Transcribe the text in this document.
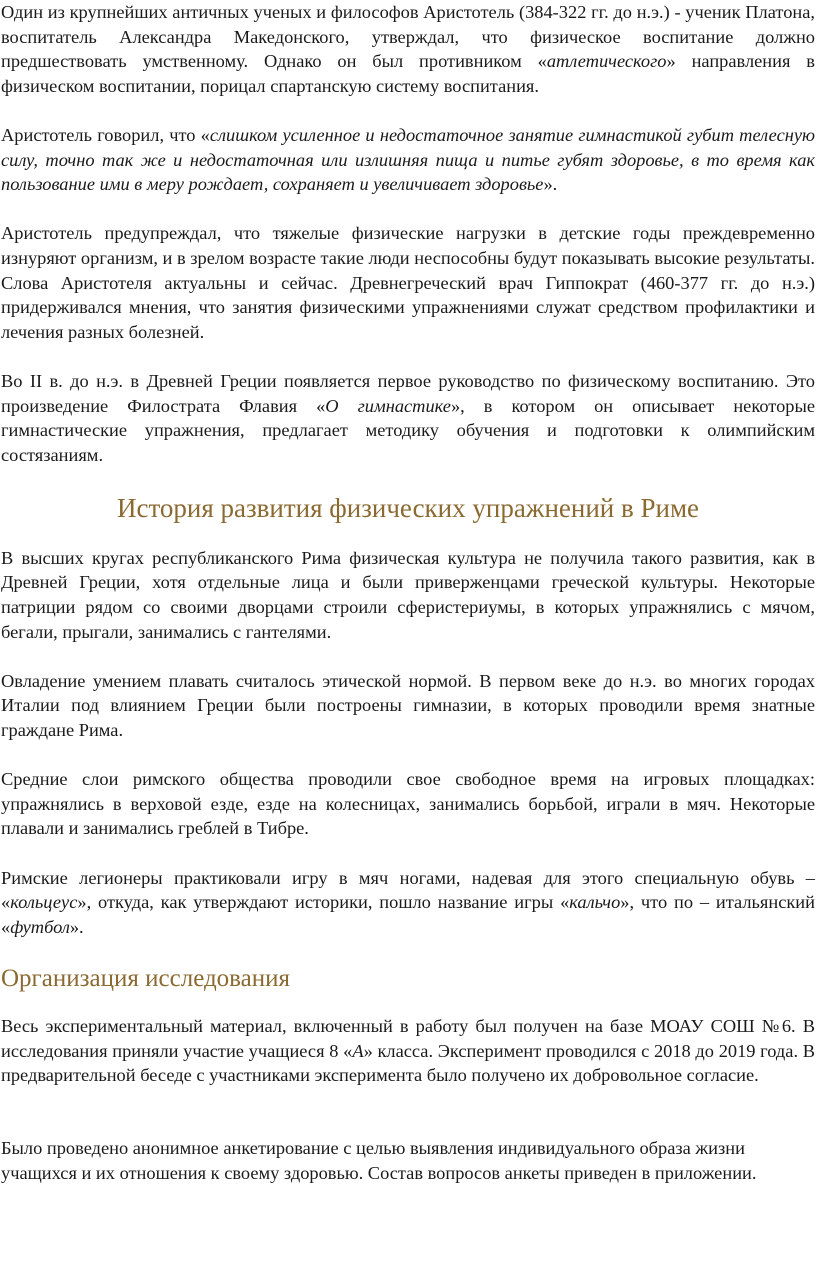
Один из крупнейших античных ученых и философов Аристотель (384-322 гг. до н.э.) - ученик Платона, воспитатель Александра Македонского, утверждал, что физическое воспитание должно предшествовать умственному. Однако он был противником «атлетического» направления в физическом воспитании, порицал спартанскую систему воспитания.

Аристотель говорил, что «слишком усиленное и недостаточное занятие гимнастикой губит телесную силу, точно так же и недостаточная или излишняя пища и питье губят здоровье, в то время как пользование ими в меру рождает, сохраняет и увеличивает здоровье».

Аристотель предупреждал, что тяжелые физические нагрузки в детские годы преждевременно изнуряют организм, и в зрелом возрасте такие люди неспособны будут показывать высокие результаты. Слова Аристотеля актуальны и сейчас. Древнегреческий врач Гиппократ (460-377 гг. до н.э.) придерживался мнения, что занятия физическими упражнениями служат средством профилактики и лечения разных болезней.

Во II в. до н.э. в Древней Греции появляется первое руководство по физическому воспитанию. Это произведение Филострата Флавия «О гимнастике», в котором он описывает некоторые гимнастические упражнения, предлагает методику обучения и подготовки к олимпийским состязаниям.

История развития физических упражнений в Риме

В высших кругах республиканского Рима физическая культура не получила такого развития, как в Древней Греции, хотя отдельные лица и были приверженцами греческой культуры. Некоторые патриции рядом со своими дворцами строили сферистериумы, в которых упражнялись с мячом, бегали, прыгали, занимались с гантелями.

Овладение умением плавать считалось этической нормой. В первом веке до н.э. во многих городах Италии под влиянием Греции были построены гимназии, в которых проводили время знатные граждане Рима.

Средние слои римского общества проводили свое свободное время на игровых площадках: упражнялись в верховой езде, езде на колесницах, занимались борьбой, играли в мяч. Некоторые плавали и занимались греблей в Тибре.

Римские легионеры практиковали игру в мяч ногами, надевая для этого специальную обувь – «кольцеус», откуда, как утверждают историки, пошло название игры «кальчо», что по – итальянский «футбол».

Организация исследования

Весь экспериментальный материал, включенный в работу был получен на базе МОАУ СОШ №6. В исследования приняли участие учащиеся 8 «А» класса. Эксперимент проводился с 2018 до 2019 года. В предварительной беседе с участниками эксперимента было получено их добровольное согласие.

Было проведено анонимное анкетирование с целью выявления индивидуального образа жизни учащихся и их отношения к своему здоровью. Состав вопросов анкеты приведен в приложении.
